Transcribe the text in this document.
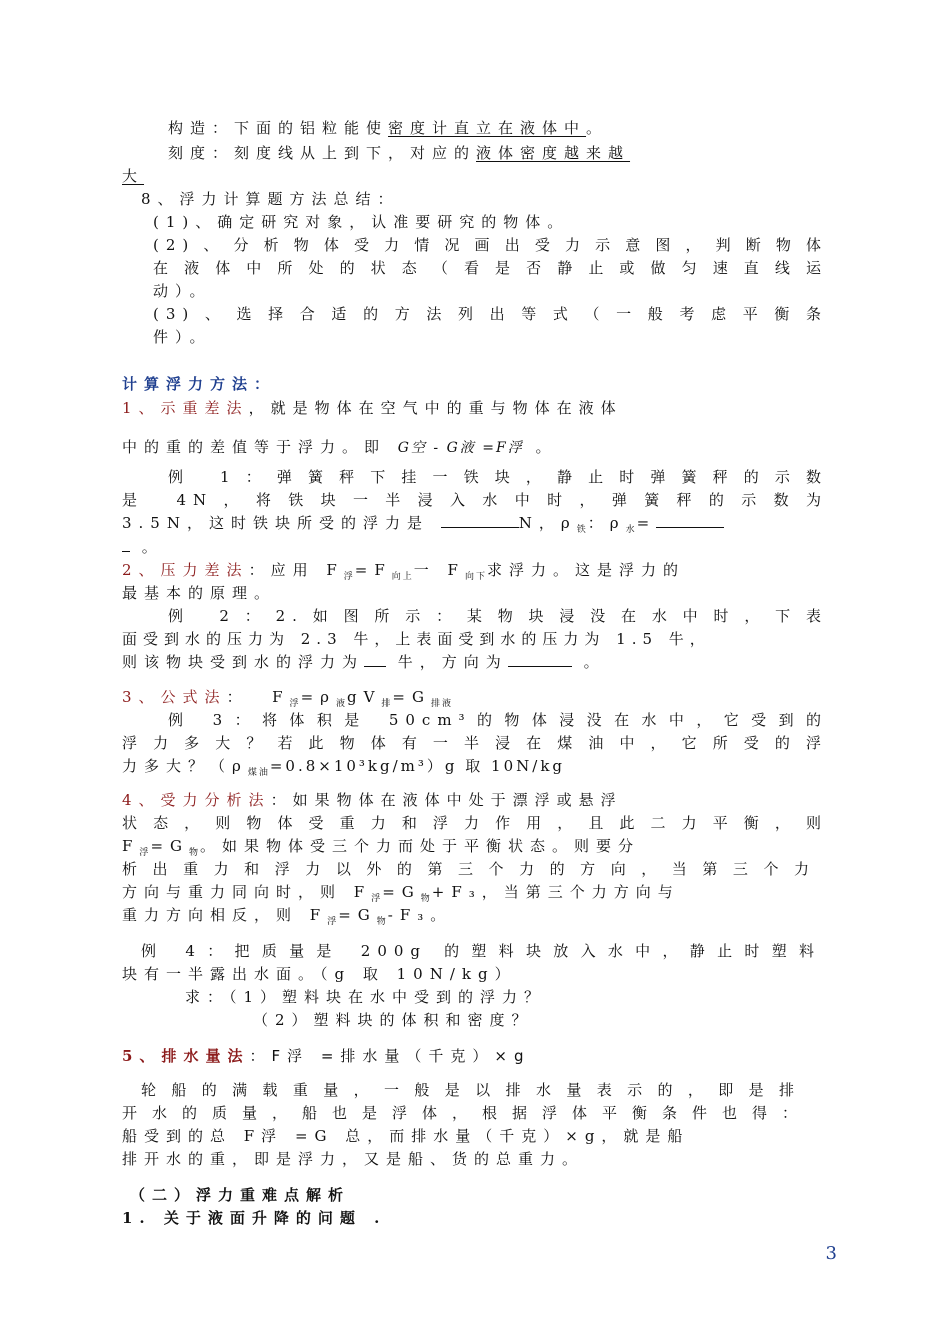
构造：下面的铝粒能使密度计直立在液体中。
刻度：刻度线从上到下，对应的液体密度越来越
大
8、浮力计算题方法总结：
(1)、确定研究对象，认准要研究的物体。
(2)、分析物体受力情况画出受力示意图，判断物体
在液体中所处的状态（看是否静止或做匀速直线运
动）。
(3)、选择合适的方法列出等式（一般考虑平衡条
件）。
计算浮力方法：
1、示重差法，就是物体在空气中的重与物体在液体
中的重的差值等于浮力。即 G空 - G液 =F浮 。
例 1：弹簧秤下挂一铁块，静止时弹簧秤的示数
是 4N，将铁块一半浸入水中时，弹簧秤的示数为
3.5N，这时铁块所受的浮力是	N，$\rho_铁$：$\rho_水=$
。
2、压力差法：应用 $F_浮=F_{向上}$一 $F_{向下}$求浮力。这是浮力的
最基本的原理。
例 2：2.如图所示：某物块浸没在水中时，下表
面受到水的压力为 2.3 牛，上表面受到水的压力为 1.5 牛，
则该物块受到水的浮力为 牛，方向为	。
3、公式法： $F_浮=\rho_液gV_排=G_{排液}$
例 3：将体积是 50cm³的物体浸没在水中，它受到的
浮力多大？若此物体有一半浸在煤油中，它所受的浮
力多大？$(\rho_{煤油}=0.8\times 10^3kg/m^3)g$ 取 10N/kg
4、受力分析法：如果物体在液体中处于漂浮或悬浮
状态，则物体受重力和浮力作用，且此二力平衡，则
$F_浮=G_物$。如果物体受三个力而处于平衡状态。则要分
析出重力和浮力以外的第三个力的方向，当第三个力
方向与重力同向时，则 $F_浮=G_物+F_3$，当第三个力方向与
重力方向相反，则 $F_浮=G_物-F_3$。
例 4：把质量是 200g 的塑料块放入水中，静止时塑料
块有一半露出水面。（g 取 10N/kg）
求：（1）塑料块在水中受到的浮力？
（2）塑料块的体积和密度？
5、排水量法：F浮 =排水量（千克）×g
轮船的满载重量，一般是以排水量表示的，即是排
开水的质量，船也是浮体，根据浮体平衡条件也得：
船受到的总 F浮 =G 总，而排水量（千克）×g，就是船
排开水的重，即是浮力，又是船、货的总重力。
（二）浮力重难点解析
1. 关于液面升降的问题 .
3
